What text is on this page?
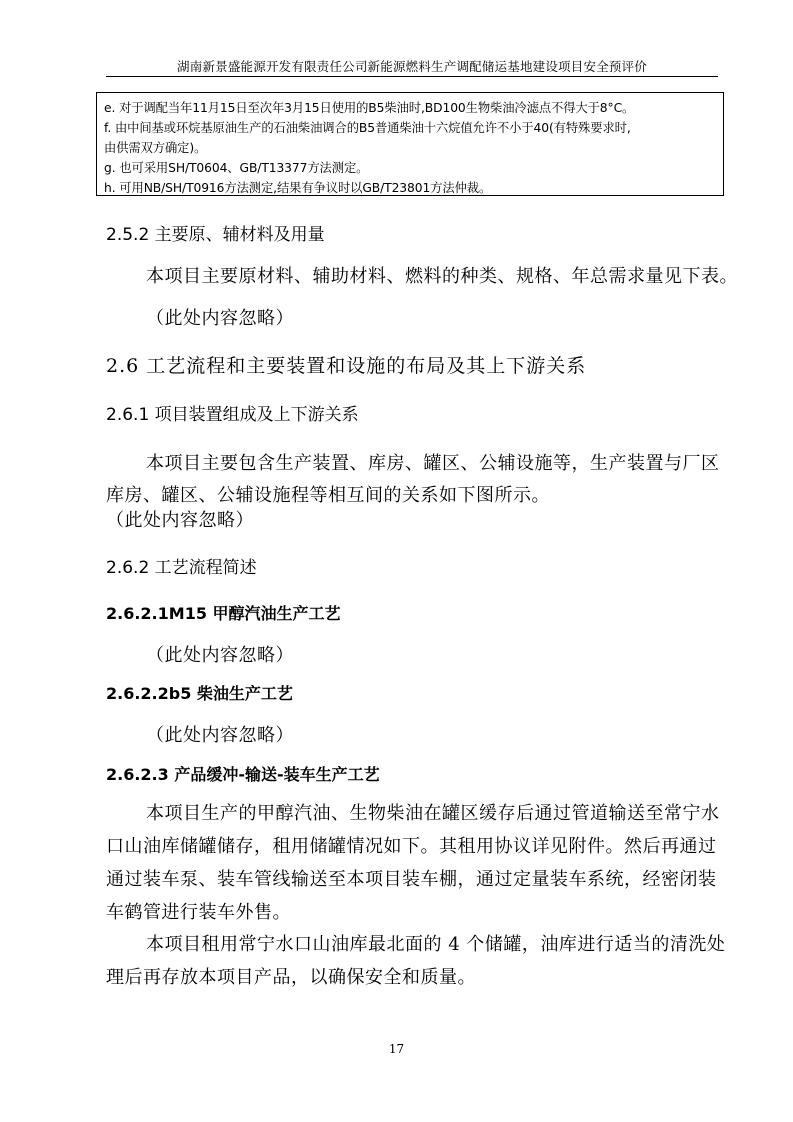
湖南新景盛能源开发有限责任公司新能源燃料生产调配储运基地建设项目安全预评价
e. 对于调配当年11月15日至次年3月15日使用的B5柴油时,BD100生物柴油冷滤点不得大于8°C。
f. 由中间基或环烷基原油生产的石油柴油调合的B5普通柴油十六烷值允许不小于40(有特殊要求时,
由供需双方确定)。
g. 也可采用SH/T0604、GB/T13377方法测定。
h. 可用NB/SH/T0916方法测定,结果有争议时以GB/T23801方法仲裁。
2.5.2 主要原、辅材料及用量
本项目主要原材料、辅助材料、燃料的种类、规格、年总需求量见下表。
（此处内容忽略）
2.6 工艺流程和主要装置和设施的布局及其上下游关系
2.6.1 项目装置组成及上下游关系
本项目主要包含生产装置、库房、罐区、公辅设施等，生产装置与厂区
库房、罐区、公辅设施程等相互间的关系如下图所示。
（此处内容忽略）
2.6.2 工艺流程简述
2.6.2.1M15 甲醇汽油生产工艺
（此处内容忽略）
2.6.2.2b5 柴油生产工艺
（此处内容忽略）
2.6.2.3 产品缓冲-输送-装车生产工艺
本项目生产的甲醇汽油、生物柴油在罐区缓存后通过管道输送至常宁水
口山油库储罐储存，租用储罐情况如下。其租用协议详见附件。然后再通过
通过装车泵、装车管线输送至本项目装车棚，通过定量装车系统，经密闭装
车鹤管进行装车外售。
本项目租用常宁水口山油库最北面的 4 个储罐，油库进行适当的清洗处
理后再存放本项目产品，以确保安全和质量。
17
